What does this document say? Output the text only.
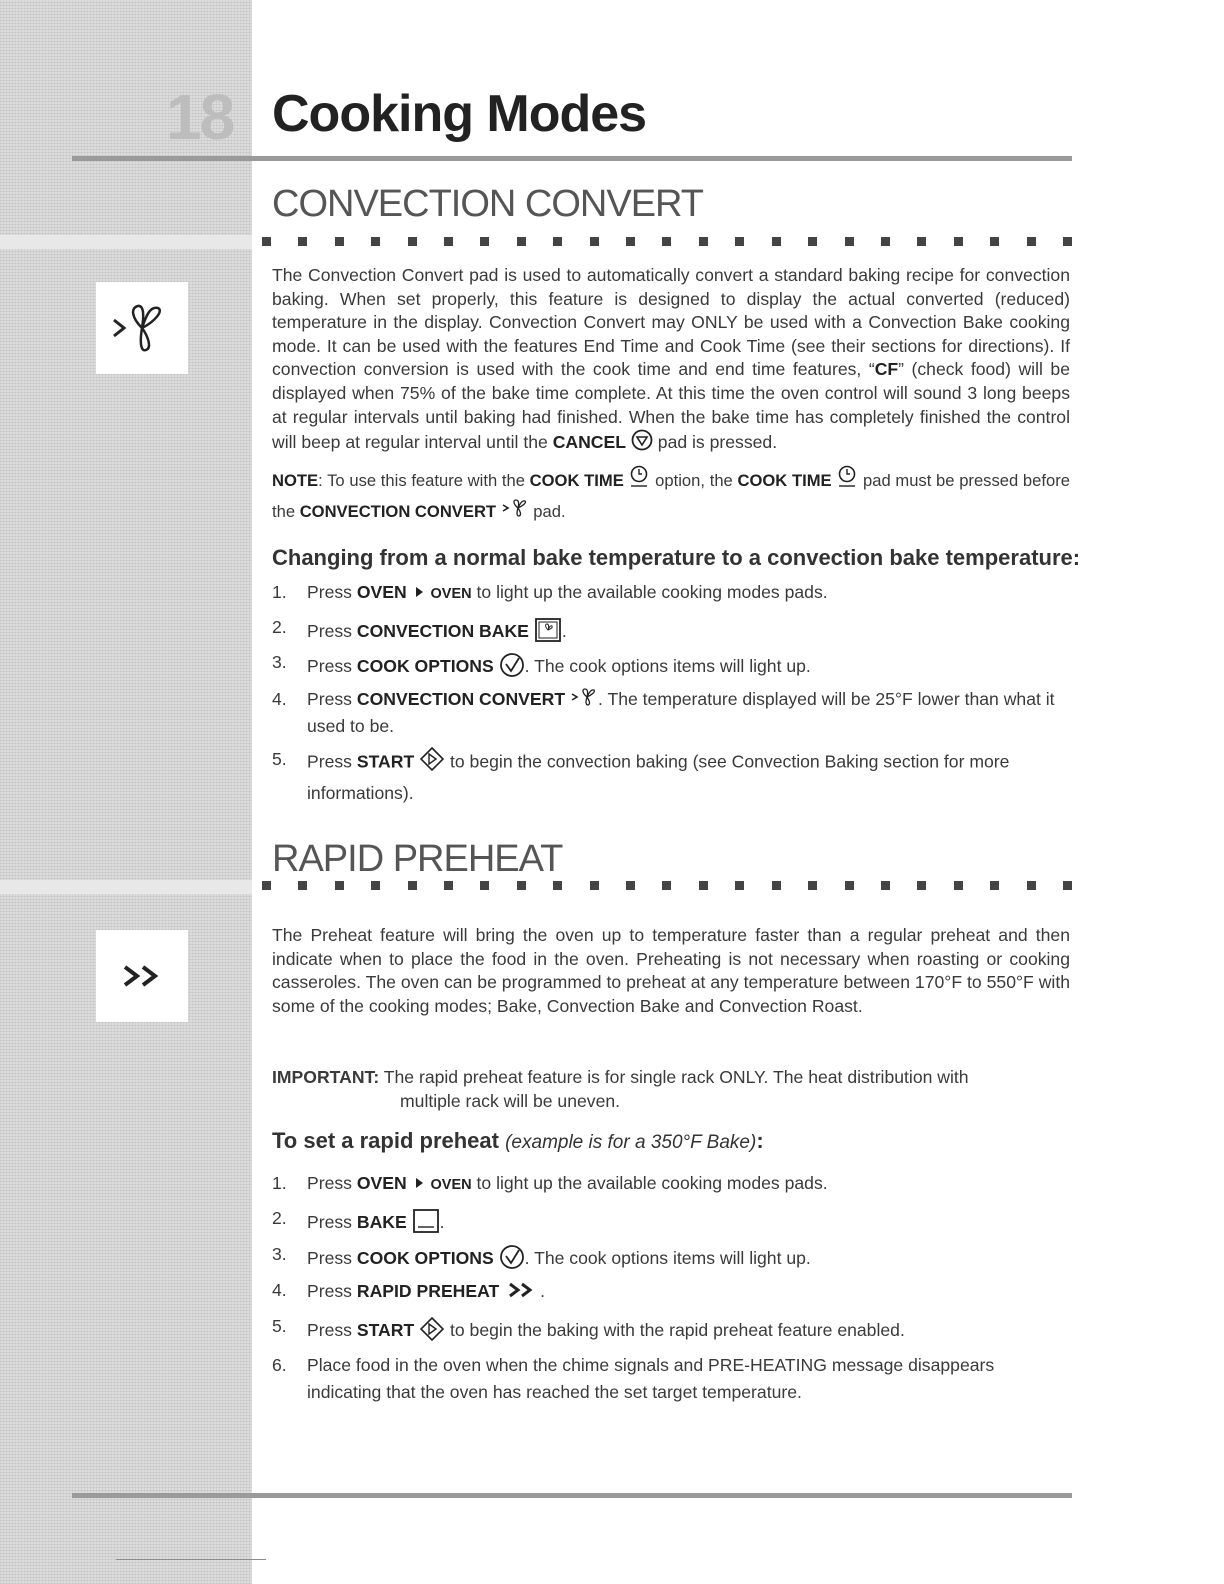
18 Cooking Modes
CONVECTION CONVERT

The Convection Convert pad is used to automatically convert a standard baking recipe for convection baking. When set properly, this feature is designed to display the actual converted (reduced) temperature in the display. Convection Convert may ONLY be used with a Convection Bake cooking mode. It can be used with the features End Time and Cook Time (see their sections for directions). If convection conversion is used with the cook time and end time features, “CF” (check food) will be displayed when 75% of the bake time complete. At this time the oven control will sound 3 long beeps at regular intervals until baking had finished. When the bake time has completely finished the control will beep at regular interval until the CANCEL  pad is pressed.

NOTE: To use this feature with the COOK TIME  option, the COOK TIME  pad must be pressed before the CONVECTION CONVERT  pad.

Changing from a normal bake temperature to a convection bake temperature:
1. Press OVEN OVEN to light up the available cooking modes pads.
2. Press CONVECTION BAKE .
3. Press COOK OPTIONS . The cook options items will light up.
4. Press CONVECTION CONVERT . The temperature displayed will be 25°F lower than what it used to be.
5. Press START  to begin the convection baking (see Convection Baking section for more informations).
RAPID PREHEAT

The Preheat feature will bring the oven up to temperature faster than a regular preheat and then indicate when to place the food in the oven. Preheating is not necessary when roasting or cooking casseroles. The oven can be programmed to preheat at any temperature between 170°F to 550°F with some of the cooking modes; Bake, Convection Bake and Convection Roast.

IMPORTANT: The rapid preheat feature is for single rack ONLY. The heat distribution with
multiple rack will be uneven.
To set a rapid preheat (example is for a 350°F Bake):
1. Press OVEN OVEN to light up the available cooking modes pads.
2. Press BAKE .
3. Press COOK OPTIONS . The cook options items will light up.
4. Press RAPID PREHEAT .
5. Press START  to begin the baking with the rapid preheat feature enabled.
6. Place food in the oven when the chime signals and PRE-HEATING message disappears indicating that the oven has reached the set target temperature.
